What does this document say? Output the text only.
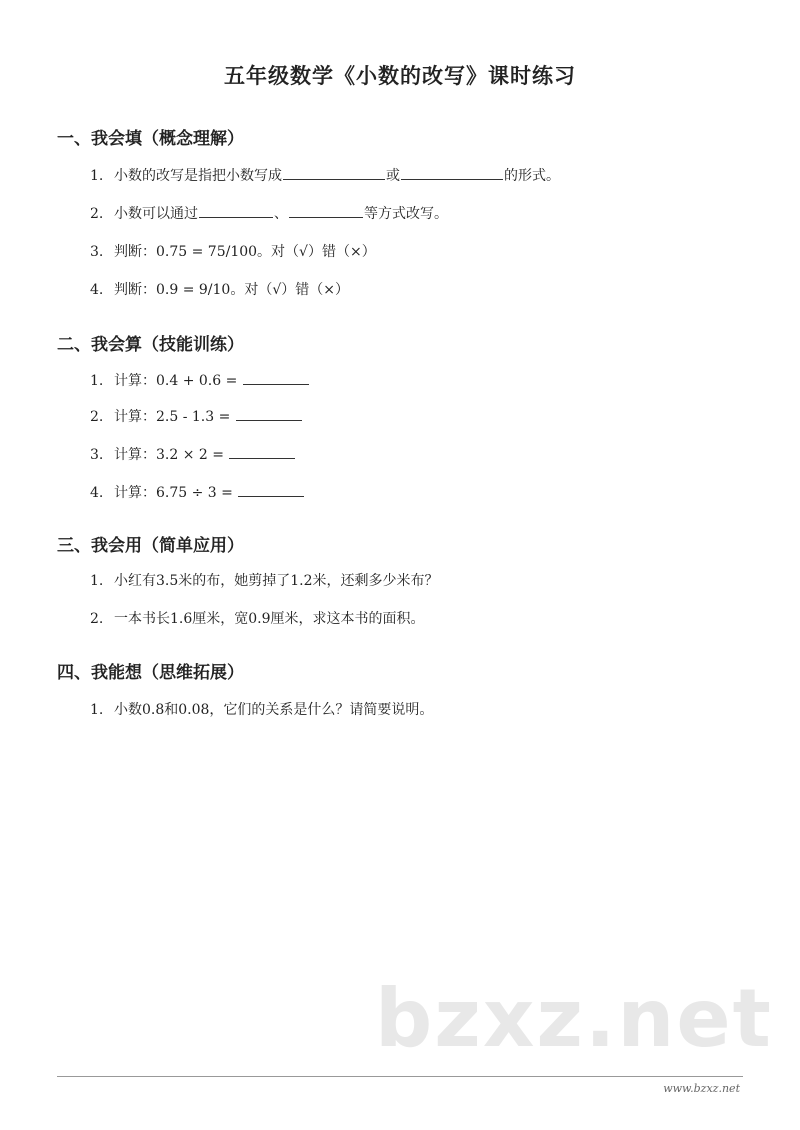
五年级数学《小数的改写》课时练习
一、我会填（概念理解）
1. 小数的改写是指把小数写成	或	的形式。
2. 小数可以通过	、	等方式改写。
3. 判断：0.75 = 75/100。对（√）错（×）
4. 判断：0.9 = 9/10。对（√）错（×）
二、我会算（技能训练）
1. 计算：0.4 + 0.6 =
2. 计算：2.5 - 1.3 =
3. 计算：3.2 × 2 =
4. 计算：6.75 ÷ 3 =
三、我会用（简单应用）
1. 小红有3.5米的布，她剪掉了1.2米，还剩多少米布？
2. 一本书长1.6厘米，宽0.9厘米，求这本书的面积。
四、我能想（思维拓展）
1. 小数0.8和0.08，它们的关系是什么？请简要说明。
bzxz.net
www.bzxz.net
